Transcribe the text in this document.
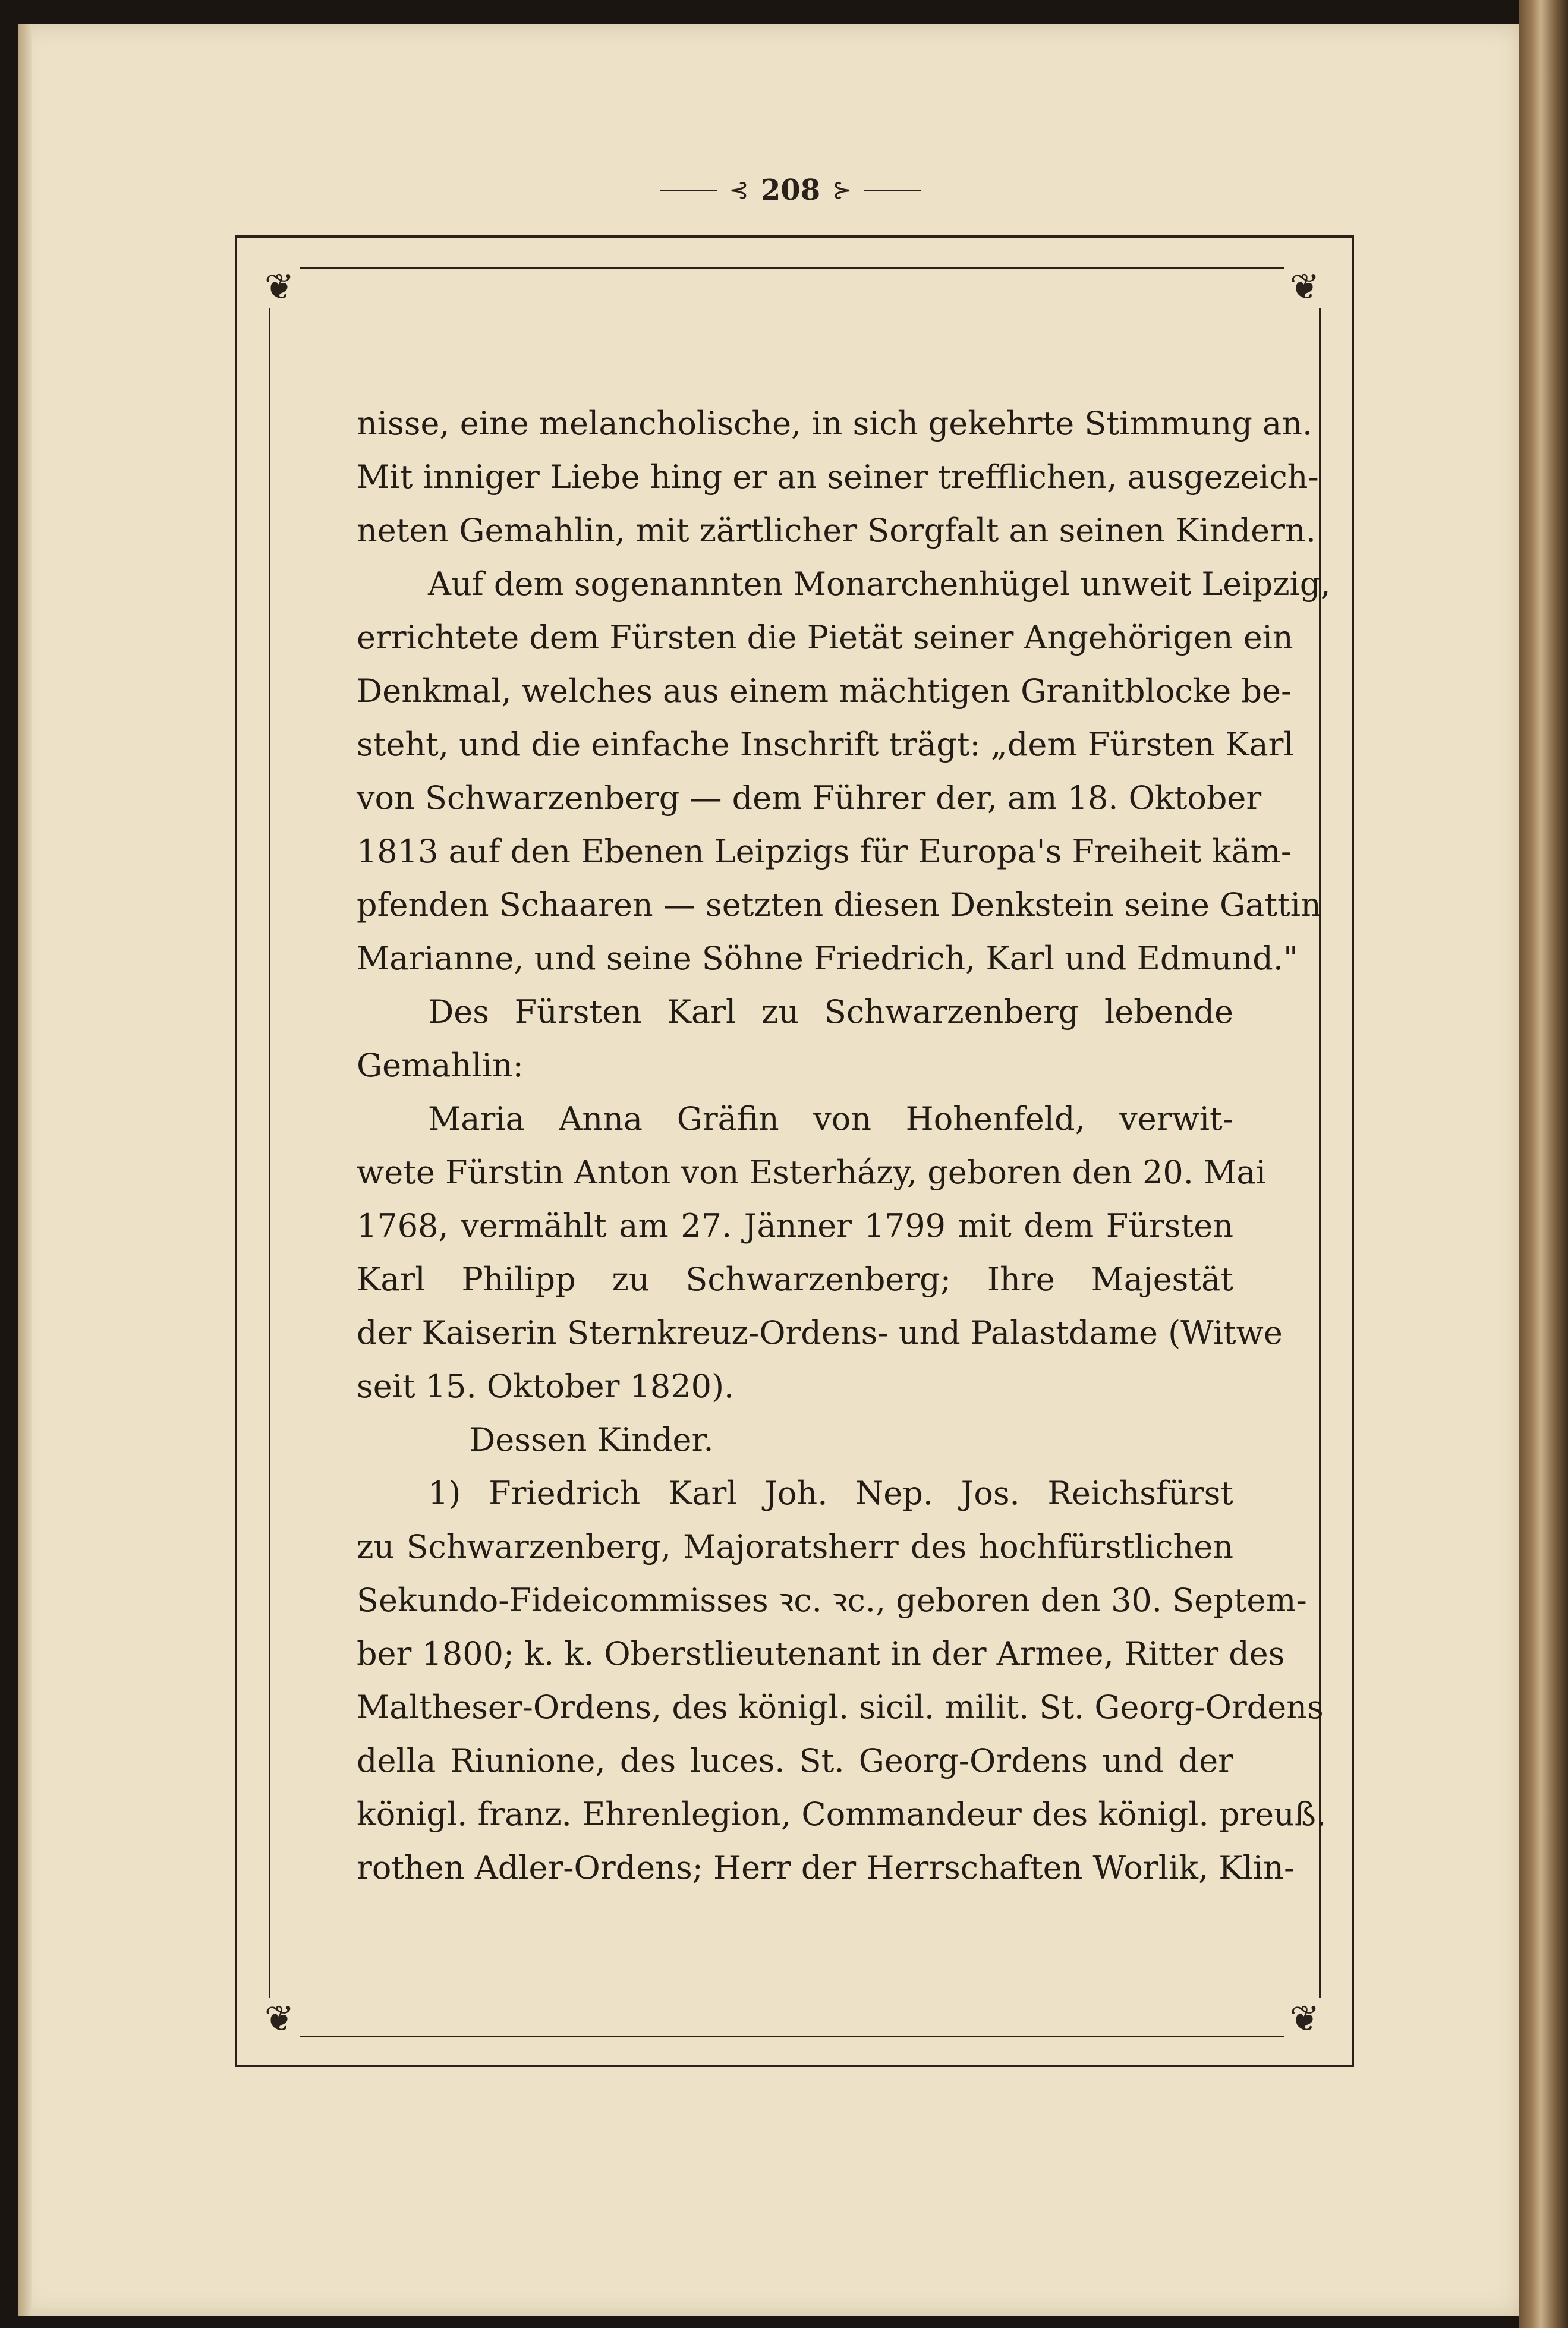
⊰ 208 ⊱
❦	❦
❦	❦
nisse, eine melancholische, in sich gekehrte Stimmung an.
Mit inniger Liebe hing er an seiner trefflichen, ausgezeich-
neten Gemahlin, mit zärtlicher Sorgfalt an seinen Kindern.
Auf dem sogenannten Monarchenhügel unweit Leipzig,
errichtete dem Fürsten die Pietät seiner Angehörigen ein
Denkmal, welches aus einem mächtigen Granitblocke be-
steht, und die einfache Inschrift trägt: „dem Fürsten Karl
von Schwarzenberg — dem Führer der, am 18. Oktober
1813 auf den Ebenen Leipzigs für Europa's Freiheit käm-
pfenden Schaaren — setzten diesen Denkstein seine Gattin
Marianne, und seine Söhne Friedrich, Karl und Edmund."
Des Fürsten Karl zu Schwarzenberg lebende
Gemahlin:
Maria Anna Gräfin von Hohenfeld, verwit-
wete Fürstin Anton von Esterházy, geboren den 20. Mai
1768, vermählt am 27. Jänner 1799 mit dem Fürsten
Karl Philipp zu Schwarzenberg; Ihre Majestät
der Kaiserin Sternkreuz-Ordens- und Palastdame (Witwe
seit 15. Oktober 1820).
Dessen Kinder.
1) Friedrich Karl Joh. Nep. Jos. Reichsfürst
zu Schwarzenberg, Majoratsherr des hochfürstlichen
Sekundo-Fideicommisses ꝛc. ꝛc., geboren den 30. Septem-
ber 1800; k. k. Oberstlieutenant in der Armee, Ritter des
Maltheser-Ordens, des königl. sicil. milit. St. Georg-Ordens
della Riunione, des luces. St. Georg-Ordens und der
königl. franz. Ehrenlegion, Commandeur des königl. preuß.
rothen Adler-Ordens; Herr der Herrschaften Worlik, Klin-
